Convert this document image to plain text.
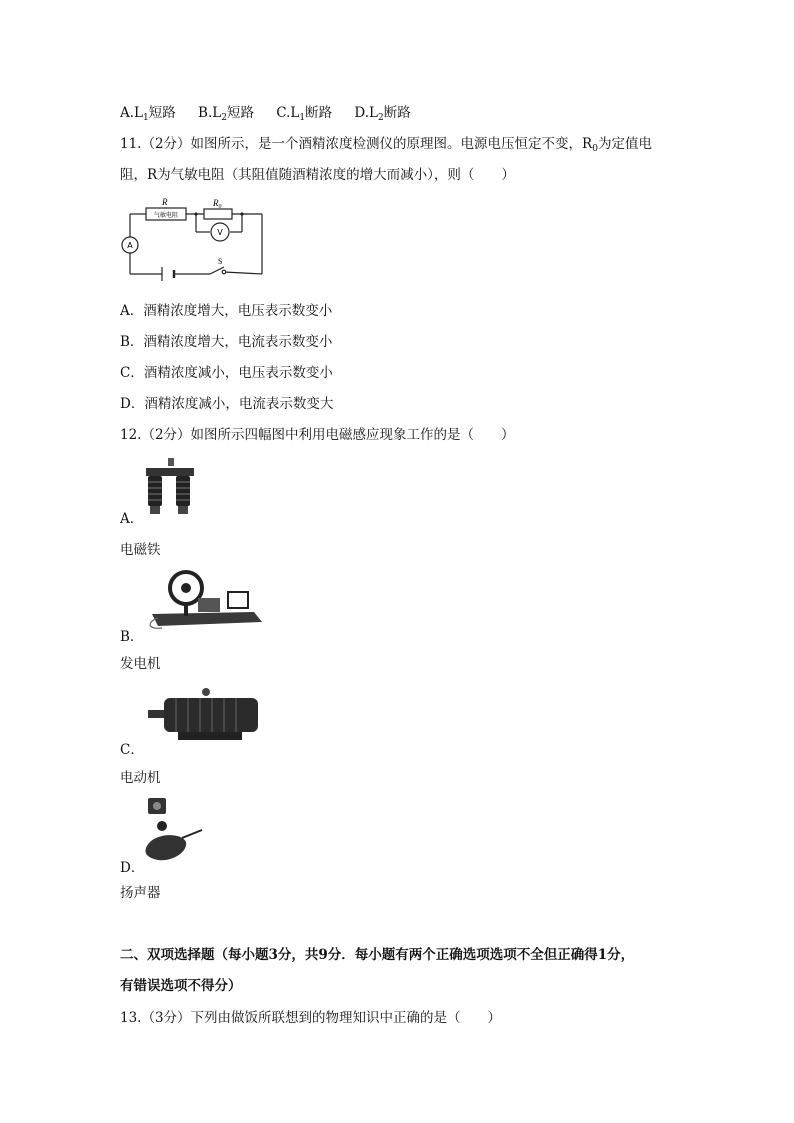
$A.L_1$短路 $B.L_2$短路 $C.L_1$断路 $D.L_2$断路
11.（2分）如图所示，是一个酒精浓度检测仪的原理图。电源电压恒定不变，$R_0$为定值电
阻，R为气敏电阻（其阻值随酒精浓度的增大而减小），则（　　）
R
气敏电阻
$R_0$
V
A
S
A．酒精浓度增大，电压表示数变小
B．酒精浓度增大，电流表示数变小
C．酒精浓度减小，电压表示数变小
D．酒精浓度减小，电流表示数变大
12.（2分）如图所示四幅图中利用电磁感应现象工作的是（　　）
A．
电磁铁
B．
发电机
C．
电动机
D．
扬声器
二、双项选择题（每小题3分，共9分．每小题有两个正确选项选项不全但正确得1分，
有错误选项不得分）
13.（3分）下列由做饭所联想到的物理知识中正确的是（　　）
